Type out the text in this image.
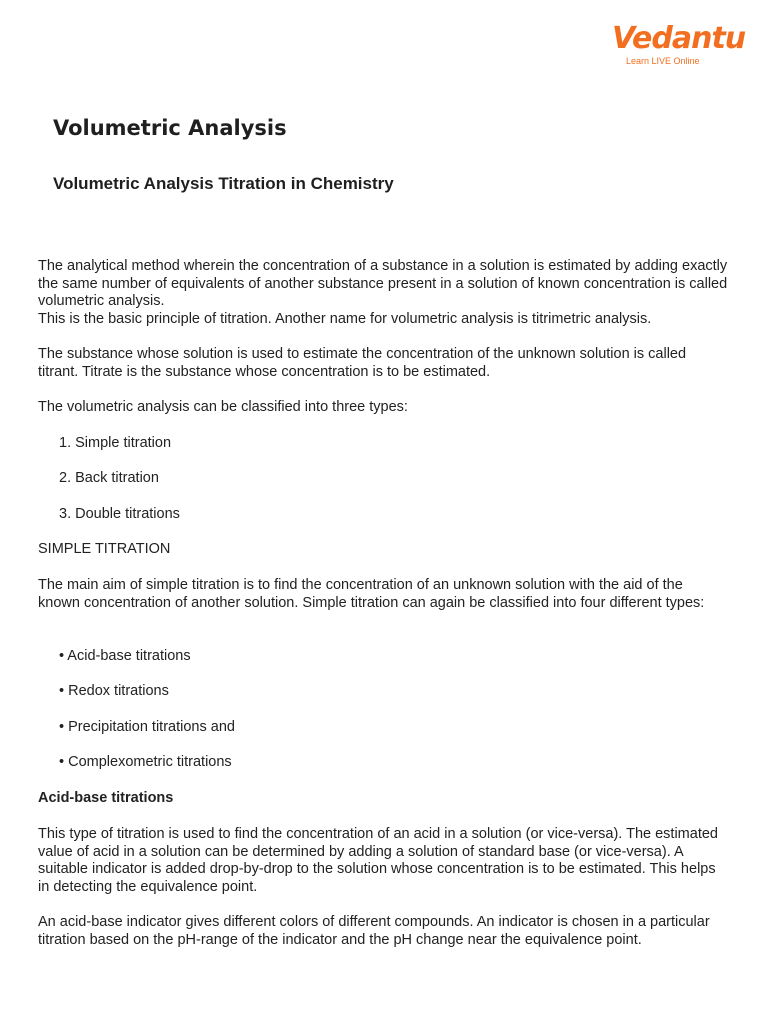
Vedantu
Learn LIVE Online
Volumetric Analysis
Volumetric Analysis Titration in Chemistry
The analytical method wherein the concentration of a substance in a solution is estimated by adding exactly the same number of equivalents of another substance present in a solution of known concentration is called volumetric analysis.
This is the basic principle of titration. Another name for volumetric analysis is titrimetric analysis.
The substance whose solution is used to estimate the concentration of the unknown solution is called titrant. Titrate is the substance whose concentration is to be estimated.
The volumetric analysis can be classified into three types:
1. Simple titration
2. Back titration
3. Double titrations
SIMPLE TITRATION
The main aim of simple titration is to find the concentration of an unknown solution with the aid of the known concentration of another solution. Simple titration can again be classified into four different types:
• Acid-base titrations
• Redox titrations
• Precipitation titrations and
• Complexometric titrations
Acid-base titrations
This type of titration is used to find the concentration of an acid in a solution (or vice-versa). The estimated value of acid in a solution can be determined by adding a solution of standard base (or vice-versa). A suitable indicator is added drop-by-drop to the solution whose concentration is to be estimated. This helps in detecting the equivalence point.
An acid-base indicator gives different colors of different compounds. An indicator is chosen in a particular titration based on the pH-range of the indicator and the pH change near the equivalence point.
